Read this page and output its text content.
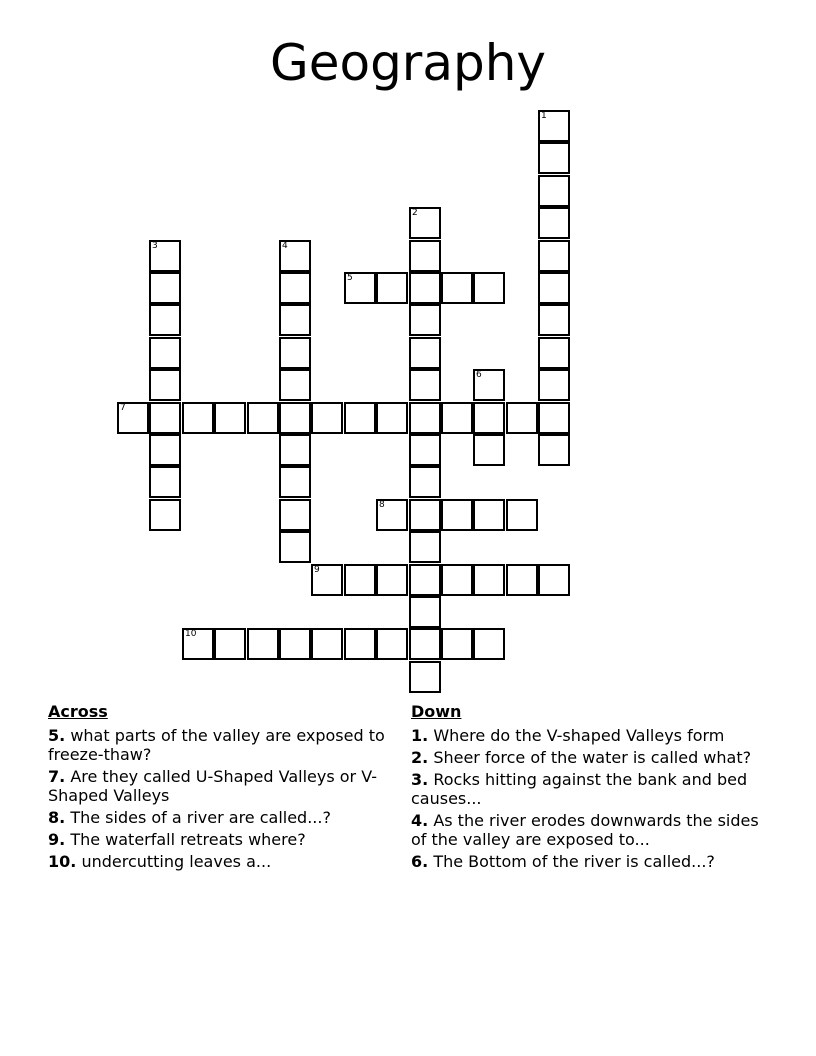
Geography
1
2
3	4
5
6
7
8
9
10
Across
5. what parts of the valley are exposed to freeze-thaw?
7. Are they called U-Shaped Valleys or V-Shaped Valleys
8. The sides of a river are called...?
9. The waterfall retreats where?
10. undercutting leaves a...
Down
1. Where do the V-shaped Valleys form
2. Sheer force of the water is called what?
3. Rocks hitting against the bank and bed causes...
4. As the river erodes downwards the sides of the valley are exposed to...
6. The Bottom of the river is called...?
